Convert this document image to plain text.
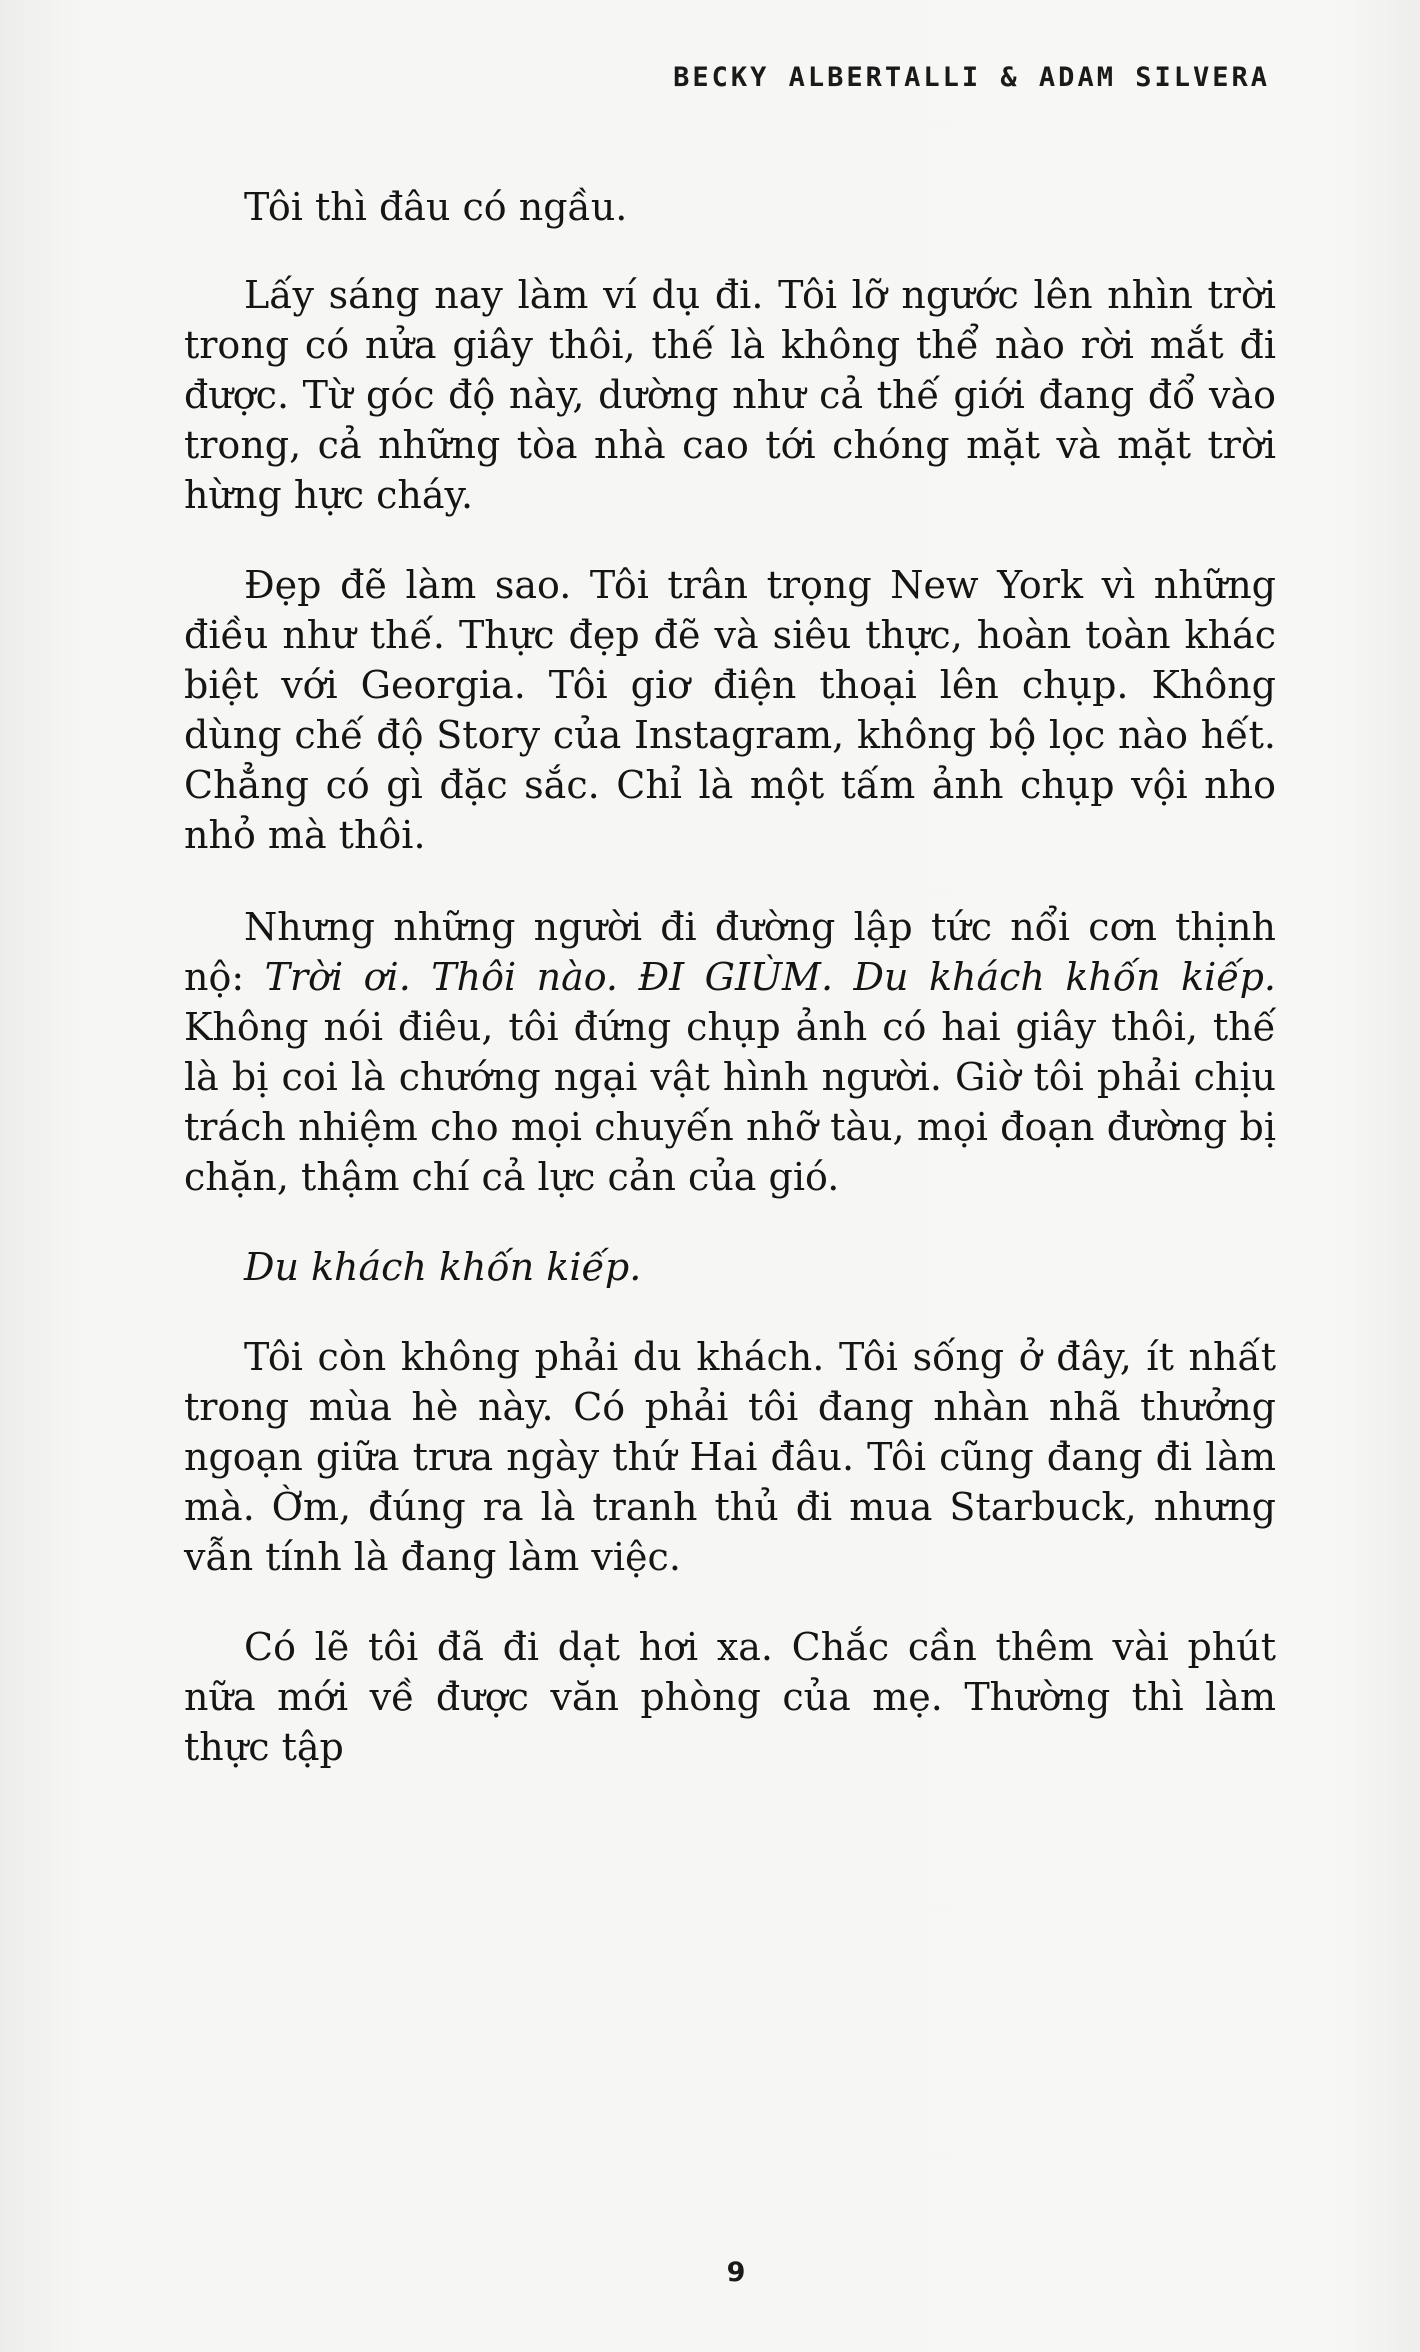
BECKY ALBERTALLI & ADAM SILVERA

Tôi thì đâu có ngầu.

Lấy sáng nay làm ví dụ đi. Tôi lỡ ngước lên nhìn trời trong có nửa giây thôi, thế là không thể nào rời mắt đi được. Từ góc độ này, dường như cả thế giới đang đổ vào trong, cả những tòa nhà cao tới chóng mặt và mặt trời hừng hực cháy.

Đẹp đẽ làm sao. Tôi trân trọng New York vì những điều như thế. Thực đẹp đẽ và siêu thực, hoàn toàn khác biệt với Georgia. Tôi giơ điện thoại lên chụp. Không dùng chế độ Story của Instagram, không bộ lọc nào hết. Chẳng có gì đặc sắc. Chỉ là một tấm ảnh chụp vội nho nhỏ mà thôi.

Nhưng những người đi đường lập tức nổi cơn thịnh nộ: Trời ơi. Thôi nào. ĐI GIÙM. Du khách khốn kiếp. Không nói điêu, tôi đứng chụp ảnh có hai giây thôi, thế là bị coi là chướng ngại vật hình người. Giờ tôi phải chịu trách nhiệm cho mọi chuyến nhỡ tàu, mọi đoạn đường bị chặn, thậm chí cả lực cản của gió.

Du khách khốn kiếp.

Tôi còn không phải du khách. Tôi sống ở đây, ít nhất trong mùa hè này. Có phải tôi đang nhàn nhã thưởng ngoạn giữa trưa ngày thứ Hai đâu. Tôi cũng đang đi làm mà. Ờm, đúng ra là tranh thủ đi mua Starbuck, nhưng vẫn tính là đang làm việc.

Có lẽ tôi đã đi dạt hơi xa. Chắc cần thêm vài phút nữa mới về được văn phòng của mẹ. Thường thì làm thực tập

9
